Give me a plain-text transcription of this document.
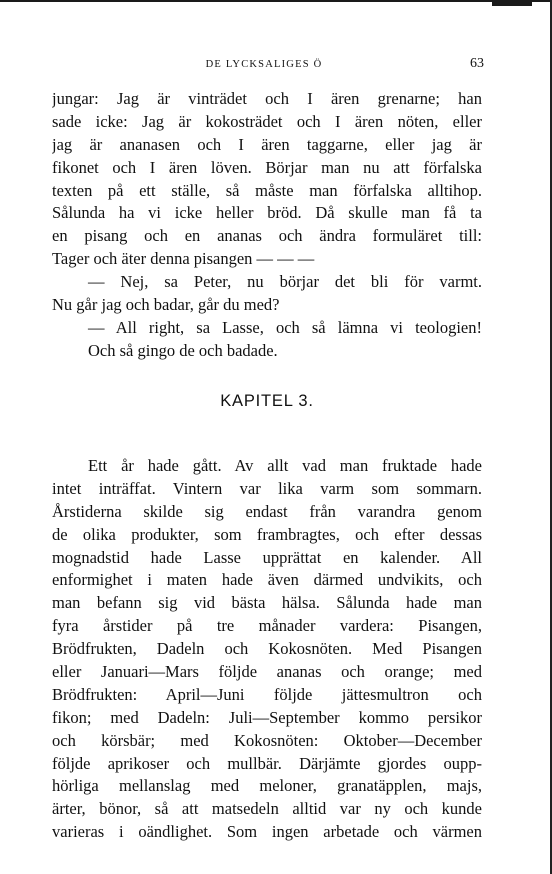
DE LYCKSALIGES Ö	63
jungar: Jag är vinträdet och I ären grenarne; han
sade icke: Jag är kokosträdet och I ären nöten, eller
jag är ananasen och I ären taggarne, eller jag är
fikonet och I ären löven. Börjar man nu att förfalska
texten på ett ställe, så måste man förfalska alltihop.
Sålunda ha vi icke heller bröd. Då skulle man få ta
en pisang och en ananas och ändra formuläret till:
Tager och äter denna pisangen — — —
— Nej, sa Peter, nu börjar det bli för varmt.
Nu går jag och badar, går du med?
— All right, sa Lasse, och så lämna vi teologien!
Och så gingo de och badade.
KAPITEL 3.
Ett år hade gått. Av allt vad man fruktade hade
intet inträffat. Vintern var lika varm som sommarn.
Årstiderna skilde sig endast från varandra genom
de olika produkter, som frambragtes, och efter dessas
mognadstid hade Lasse upprättat en kalender. All
enformighet i maten hade även därmed undvikits, och
man befann sig vid bästa hälsa. Sålunda hade man
fyra årstider på tre månader vardera: Pisangen,
Brödfrukten, Dadeln och Kokosnöten. Med Pisangen
eller Januari—Mars följde ananas och orange; med
Brödfrukten: April—Juni följde jättesmultron och
fikon; med Dadeln: Juli—September kommo persikor
och körsbär; med Kokosnöten: Oktober—December
följde aprikoser och mullbär. Därjämte gjordes oupp-
hörliga mellanslag med meloner, granatäpplen, majs,
ärter, bönor, så att matsedeln alltid var ny och kunde
varieras i oändlighet. Som ingen arbetade och värmen
